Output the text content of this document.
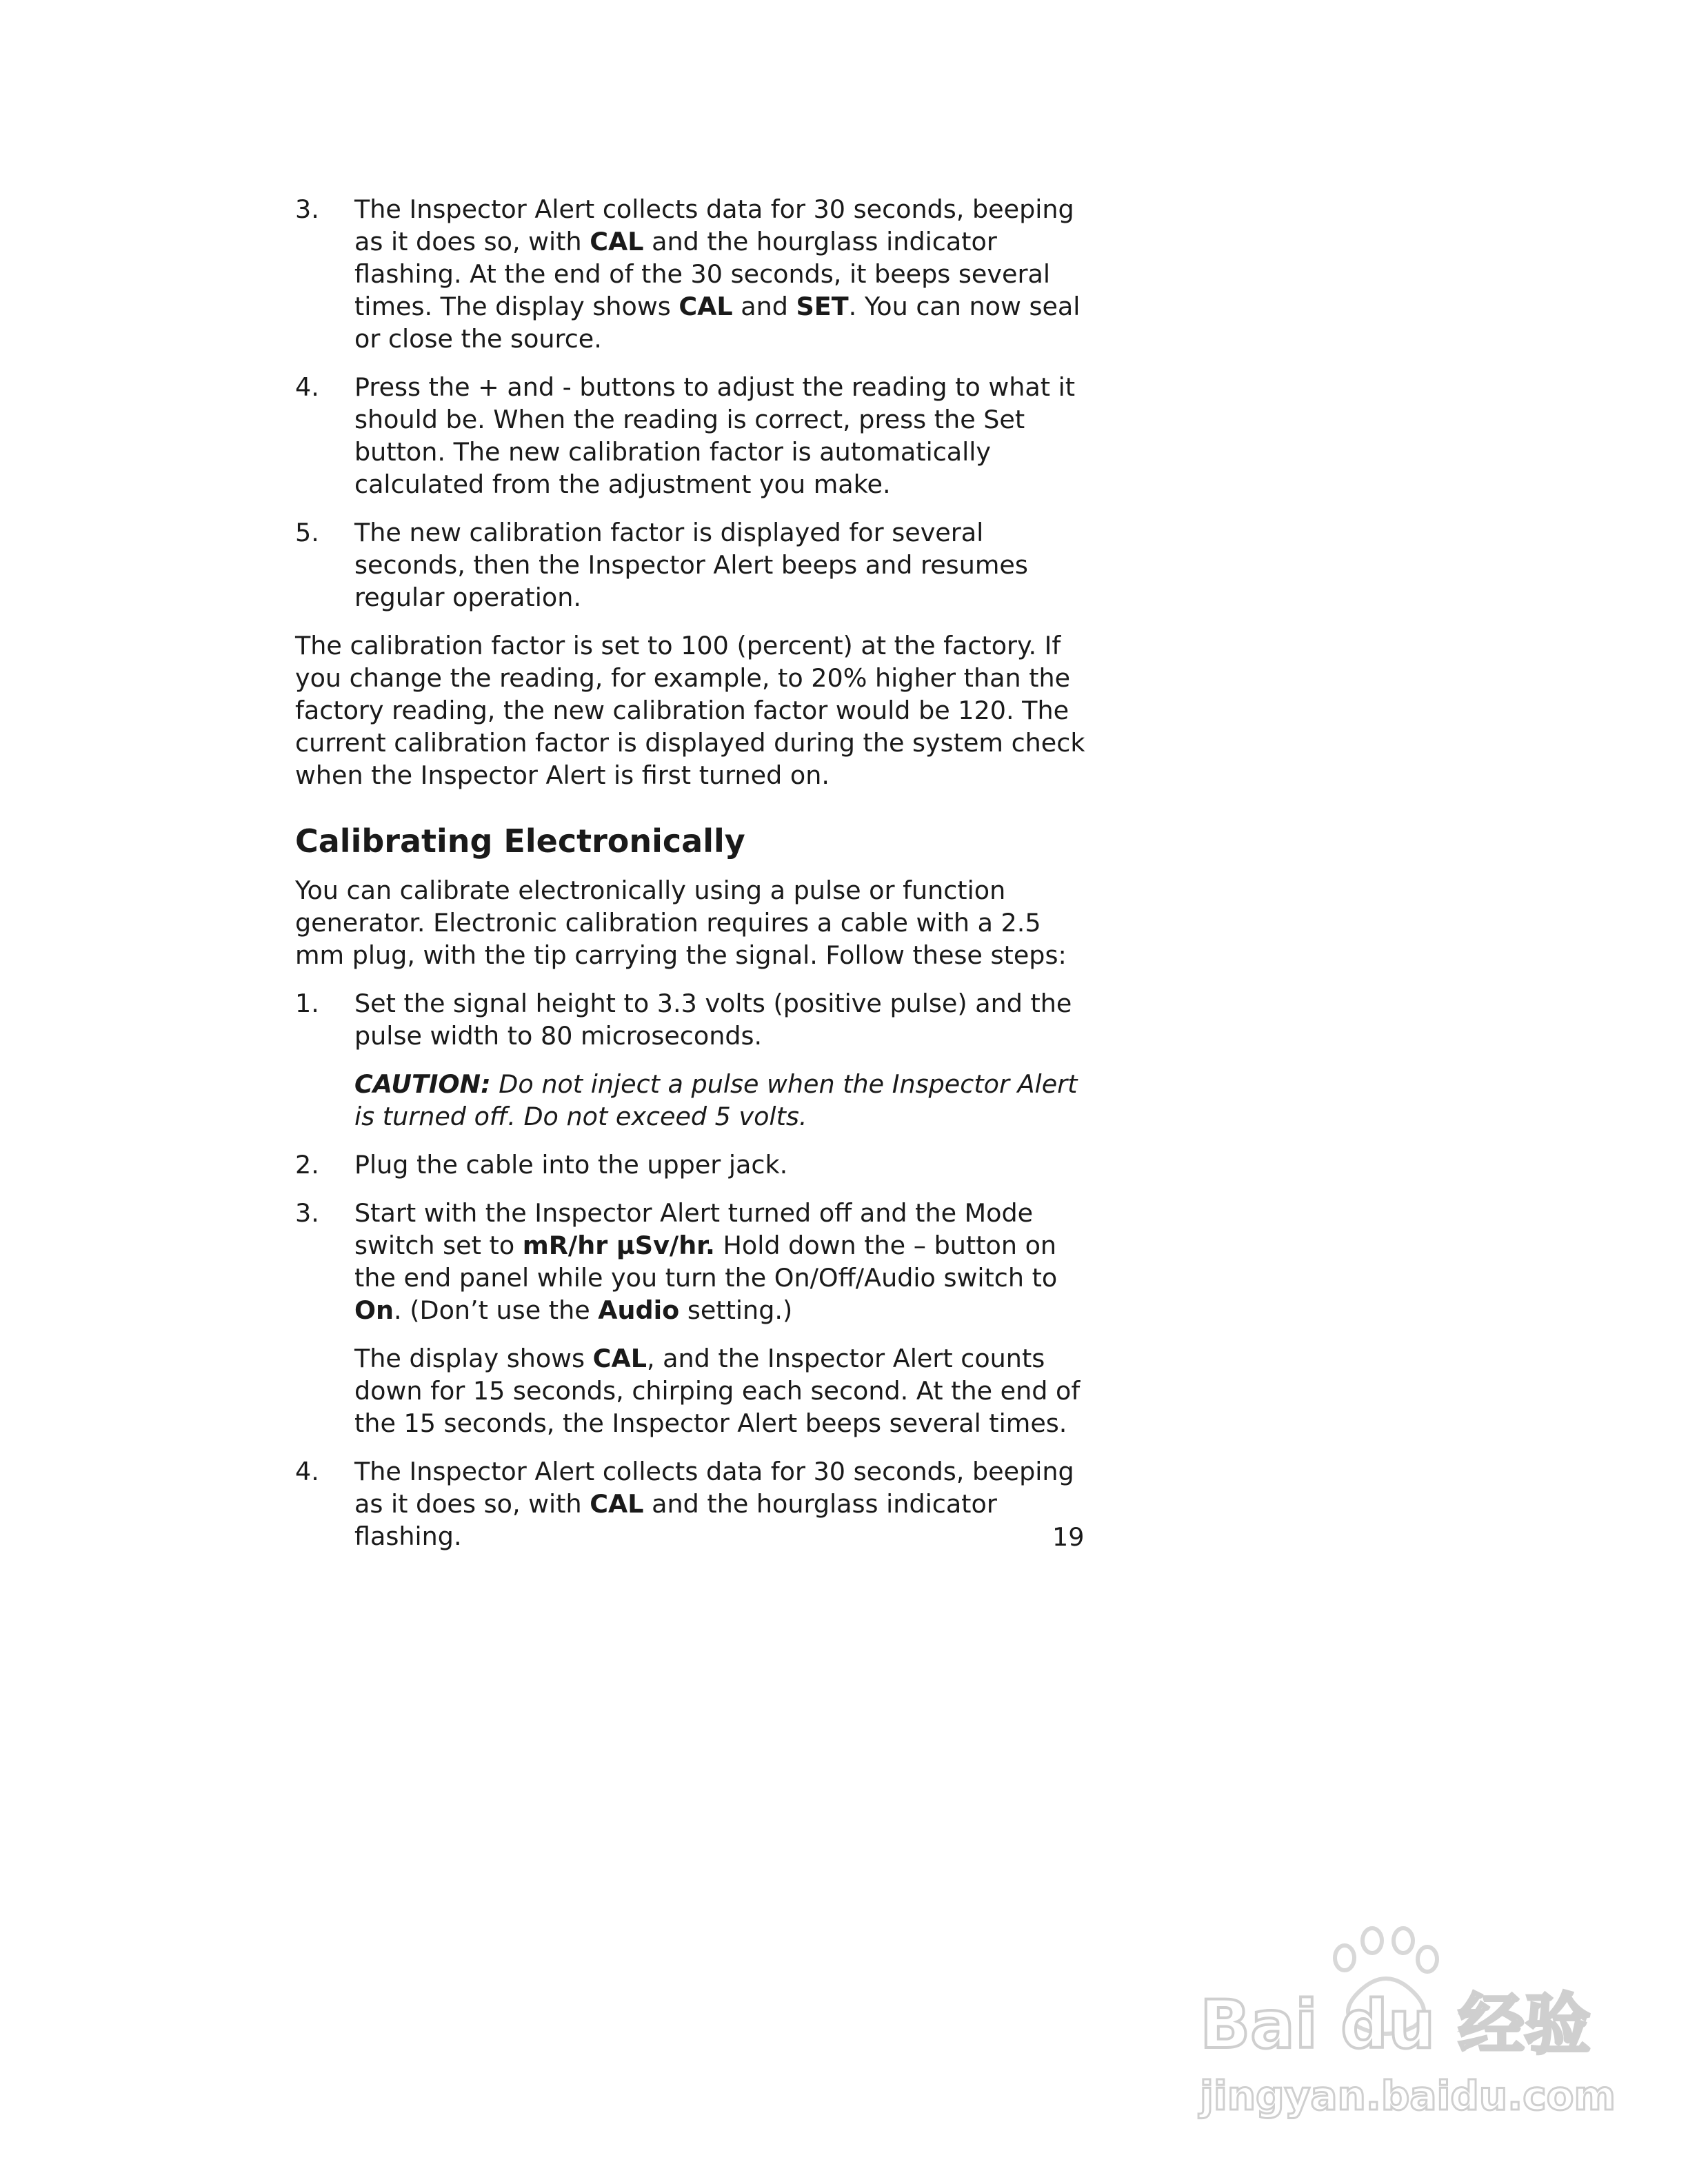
3.	The Inspector Alert collects data for 30 seconds, beeping as it does so, with CAL and the hourglass indicator flashing. At the end of the 30 seconds, it beeps several times. The display shows CAL and SET. You can now seal or close the source.
4.	Press the + and - buttons to adjust the reading to what it should be. When the reading is correct, press the Set button. The new calibration factor is automatically calculated from the adjustment you make.
5.	The new calibration factor is displayed for several seconds, then the Inspector Alert beeps and resumes regular operation.

The calibration factor is set to 100 (percent) at the factory. If you change the reading, for example, to 20% higher than the factory reading, the new calibration factor would be 120. The current calibration factor is displayed during the system check when the Inspector Alert is first turned on.

Calibrating Electronically

You can calibrate electronically using a pulse or function generator. Electronic calibration requires a cable with a 2.5 mm plug, with the tip carrying the signal. Follow these steps:

1.	Set the signal height to 3.3 volts (positive pulse) and the pulse width to 80 microseconds.
CAUTION: Do not inject a pulse when the Inspector Alert is turned off. Do not exceed 5 volts.
2.	Plug the cable into the upper jack.
3.	Start with the Inspector Alert turned off and the Mode switch set to mR/hr µSv/hr. Hold down the – button on the end panel while you turn the On/Off/Audio switch to On. (Don’t use the Audio setting.)
The display shows CAL, and the Inspector Alert counts down for 15 seconds, chirping each second. At the end of the 15 seconds, the Inspector Alert beeps several times.
4.	The Inspector Alert collects data for 30 seconds, beeping as it does so, with CAL and the hourglass indicator flashing.	19
Bai du 经验
jingyan.baidu.com
